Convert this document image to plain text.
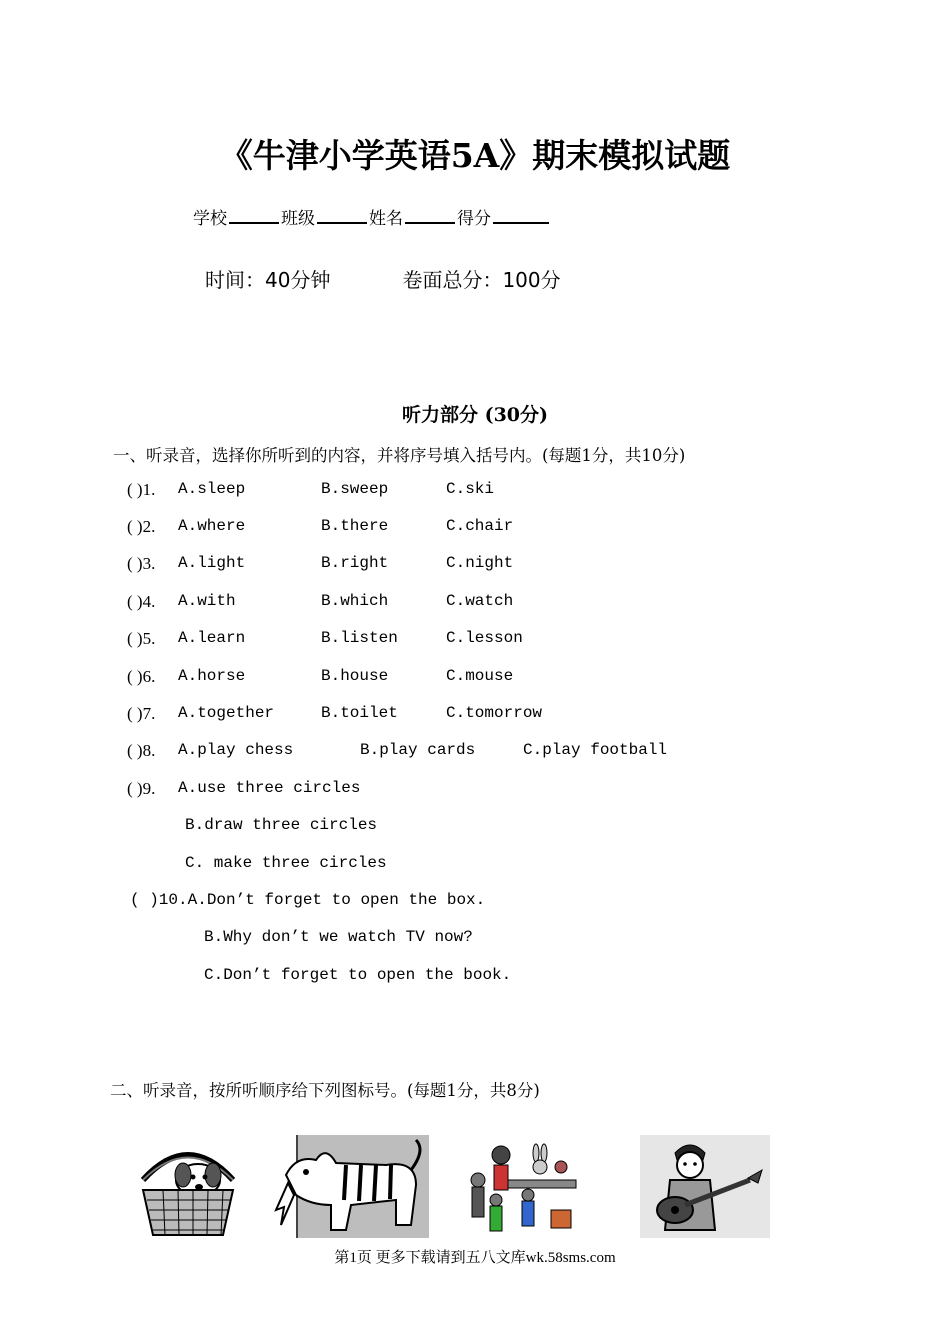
《牛津小学英语5A》期末模拟试题
学校	班级	姓名	得分
时间：40分钟	卷面总分：100分
听力部分 (30分)
一、听录音，选择你所听到的内容，并将序号填入括号内。(每题1分，共10分)
( )1. A.sleep	B.sweep	C.ski
( )2. A.where	B.there	C.chair
( )3. A.light	B.right	C.night
( )4. A.with	B.which	C.watch
( )5. A.learn	B.listen	C.lesson
( )6. A.horse	B.house	C.mouse
( )7. A.together	B.toilet	C.tomorrow
( )8. A.play chess	B.play cards	C.play football
( )9. A.use three circles
B.draw three circles
C. make three circles
( )10.A.Don’t forget to open the box.
B.Why don’t we watch TV now?
C.Don’t forget to open the book.
二、听录音，按所听顺序给下列图标号。(每题1分，共8分)
第1页 更多下载请到五八文库wk.58sms.com
